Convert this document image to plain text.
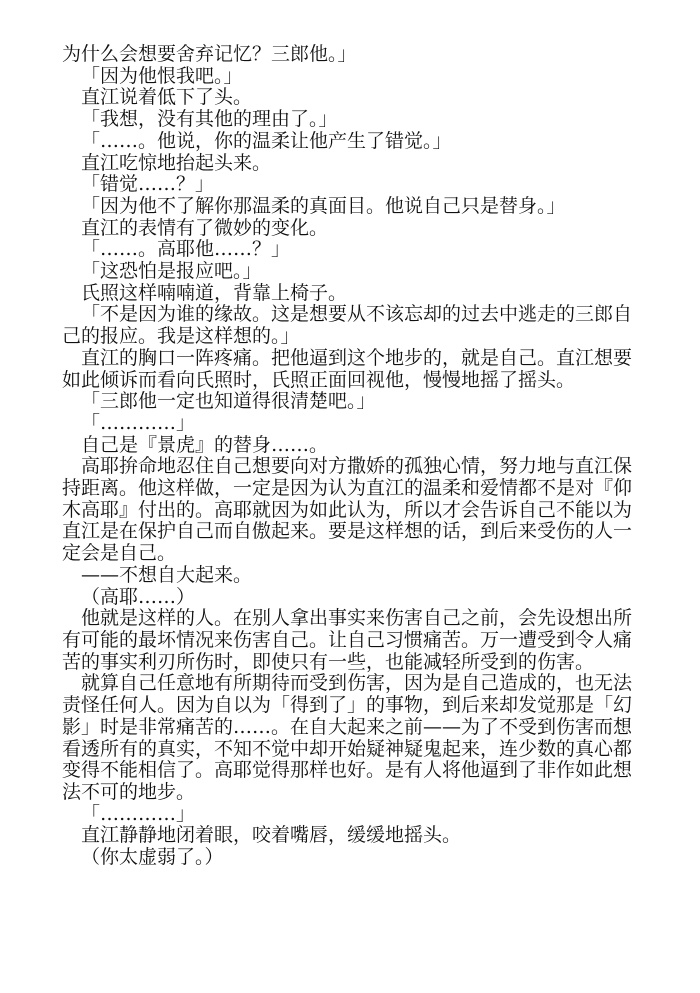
为什么会想要舍弃记忆？三郎他。」

「因为他恨我吧。」

直江说着低下了头。

「我想，没有其他的理由了。」

「……。他说，你的温柔让他产生了错觉。」

直江吃惊地抬起头来。

「错觉……？」

「因为他不了解你那温柔的真面目。他说自己只是替身。」

直江的表情有了微妙的变化。

「……。高耶他……？」

「这恐怕是报应吧。」

氏照这样喃喃道，背靠上椅子。

「不是因为谁的缘故。这是想要从不该忘却的过去中逃走的三郎自己的报应。我是这样想的。」

直江的胸口一阵疼痛。把他逼到这个地步的，就是自己。直江想要如此倾诉而看向氏照时，氏照正面回视他，慢慢地摇了摇头。

「三郎他一定也知道得很清楚吧。」

「…………」

自己是『景虎』的替身……。

高耶拚命地忍住自己想要向对方撒娇的孤独心情，努力地与直江保持距离。他这样做，一定是因为认为直江的温柔和爱情都不是对『仰木高耶』付出的。高耶就因为如此认为，所以才会告诉自己不能以为直江是在保护自己而自傲起来。要是这样想的话，到后来受伤的人一定会是自己。

——不想自大起来。

（高耶……）

他就是这样的人。在别人拿出事实来伤害自己之前，会先设想出所有可能的最坏情况来伤害自己。让自己习惯痛苦。万一遭受到令人痛苦的事实利刃所伤时，即使只有一些，也能减轻所受到的伤害。

就算自己任意地有所期待而受到伤害，因为是自己造成的，也无法责怪任何人。因为自以为「得到了」的事物，到后来却发觉那是「幻影」时是非常痛苦的……。在自大起来之前——为了不受到伤害而想看透所有的真实，不知不觉中却开始疑神疑鬼起来，连少数的真心都变得不能相信了。高耶觉得那样也好。是有人将他逼到了非作如此想法不可的地步。

「…………」

直江静静地闭着眼，咬着嘴唇，缓缓地摇头。

（你太虚弱了。）
